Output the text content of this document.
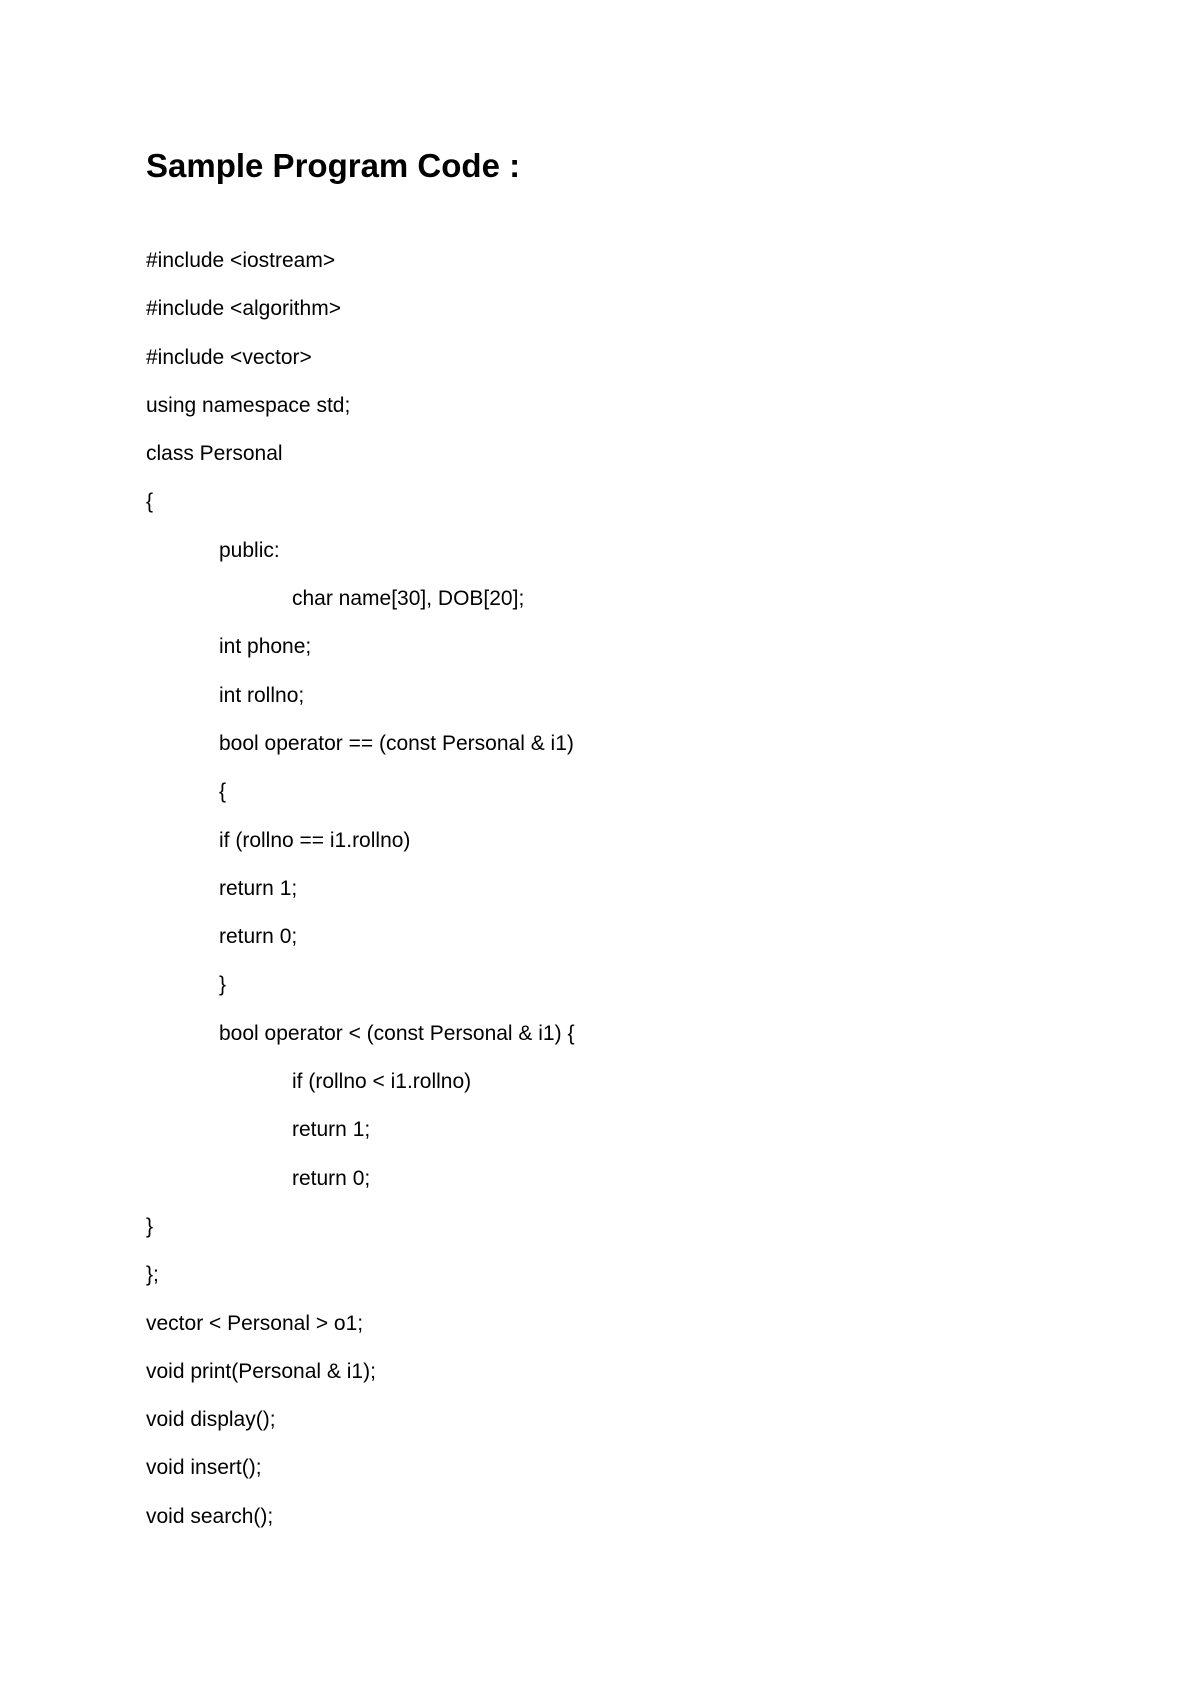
Sample Program Code :
#include <iostream>
#include <algorithm>
#include <vector>
using namespace std;
class Personal
{
public:
char name[30], DOB[20];
int phone;
int rollno;
bool operator == (const Personal & i1)
{
if (rollno == i1.rollno)
return 1;
return 0;
}
bool operator < (const Personal & i1) {
if (rollno < i1.rollno)
return 1;
return 0;
}
};
vector < Personal > o1;
void print(Personal & i1);
void display();
void insert();
void search();
